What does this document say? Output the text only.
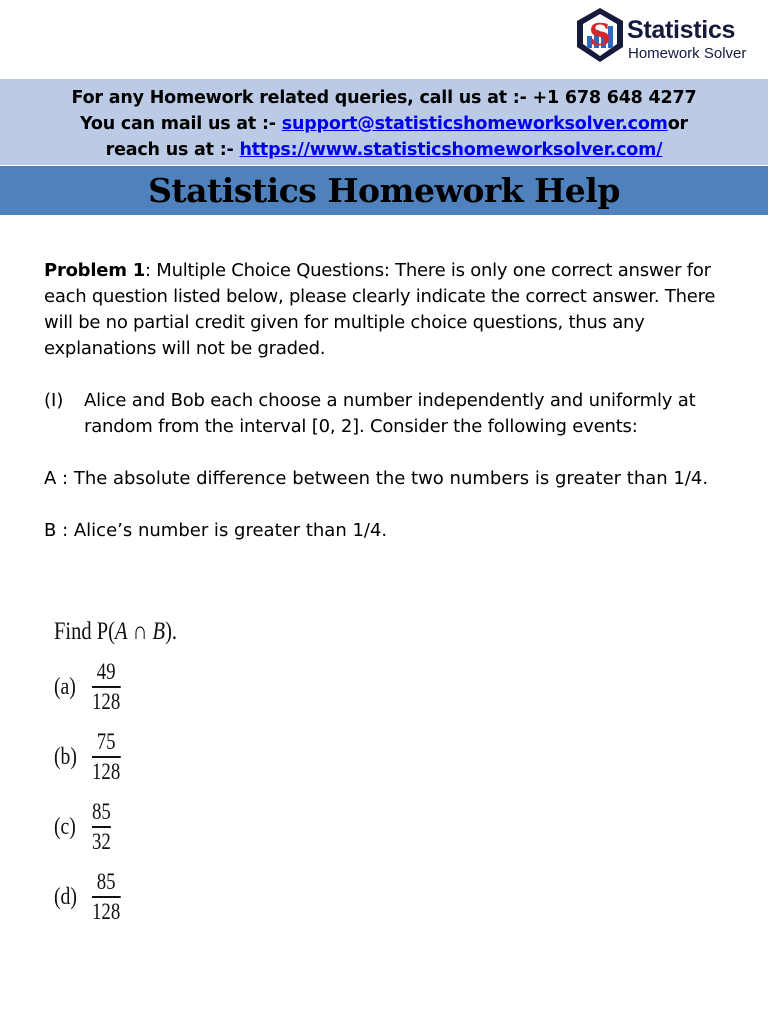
S Statistics
Homework Solver
For any Homework related queries, call us at :- +1 678 648 4277
You can mail us at :- support@statisticshomeworksolver.comor
reach us at :- https://www.statisticshomeworksolver.com/
Statistics Homework Help

Problem 1: Multiple Choice Questions: There is only one correct answer for each question listed below, please clearly indicate the correct answer. There will be no partial credit given for multiple choice questions, thus any explanations will not be graded.

(I)	Alice and Bob each choose a number independently and uniformly at random from the interval [0, 2]. Consider the following events:

A : The absolute difference between the two numbers is greater than 1/4.

B : Alice’s number is greater than 1/4.

Find P(A ∩ B).
$(a) \frac{49}{128}$
$(b) \frac{75}{128}$
$(c) \frac{85}{32}$
$(d) \frac{85}{128}$
